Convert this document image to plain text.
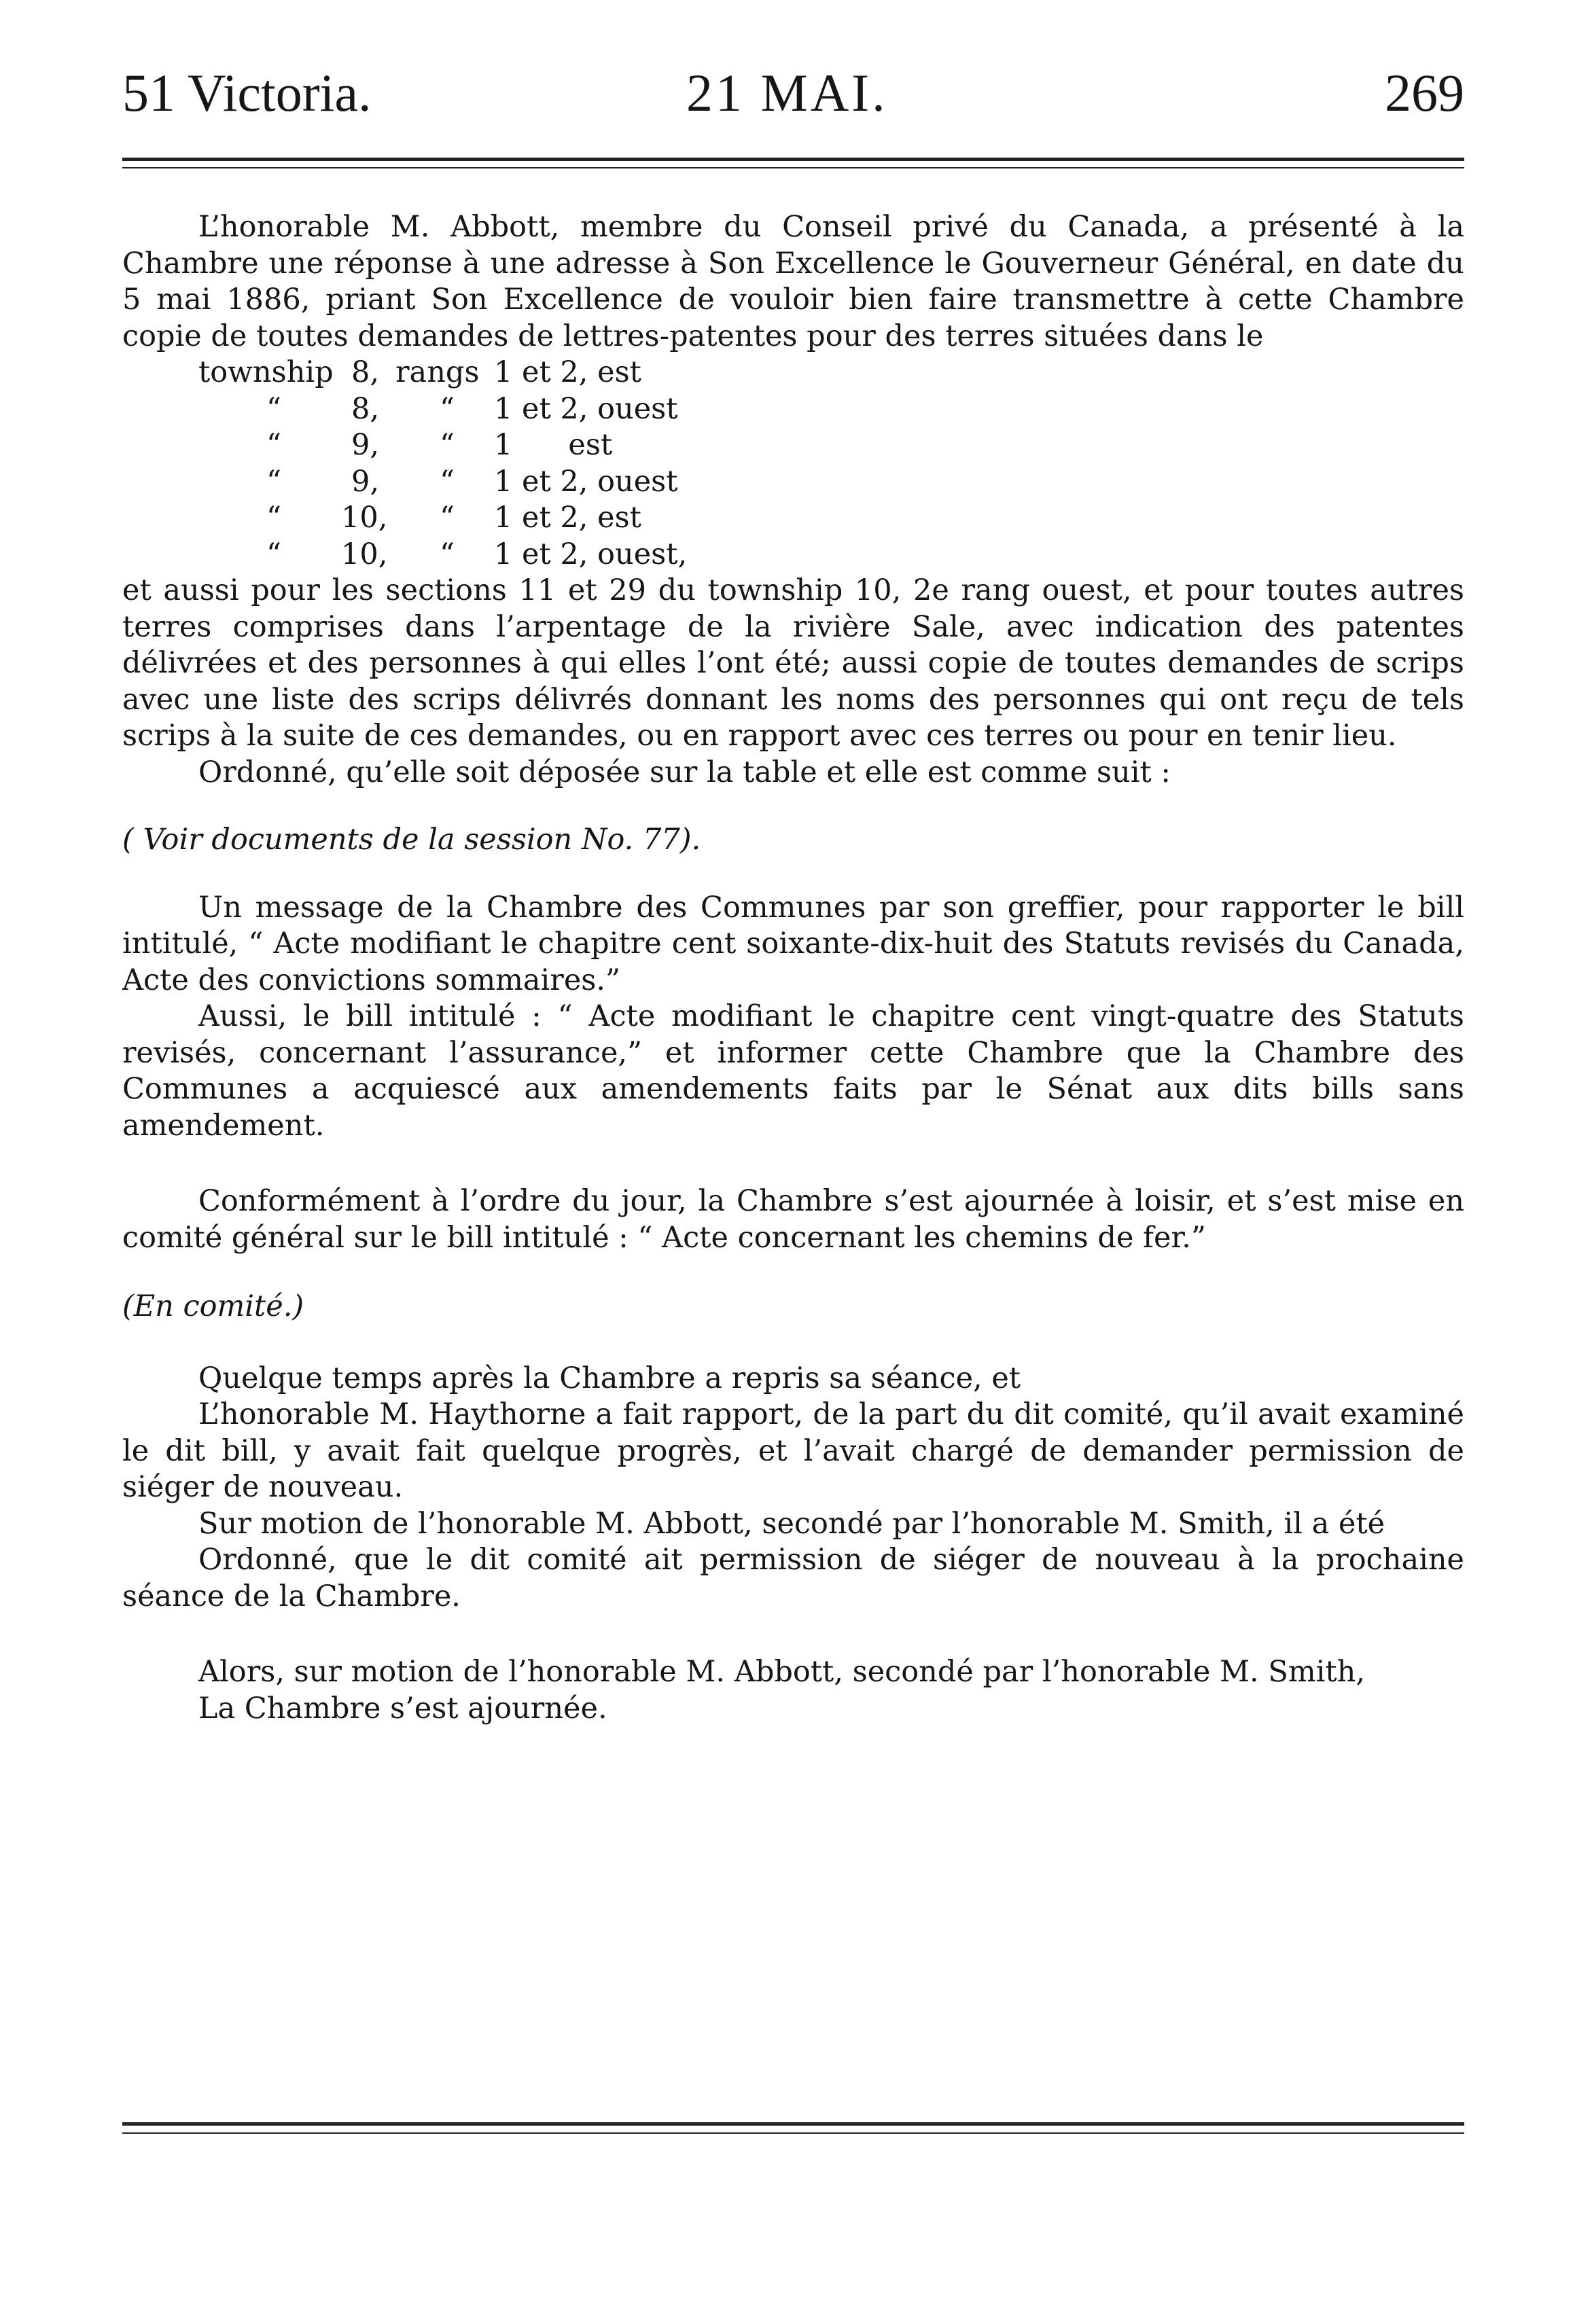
51 Victoria.	21 MAI.	269

L’honorable M. Abbott, membre du Conseil privé du Canada, a présenté à la Chambre une réponse à une adresse à Son Excellence le Gouverneur Général, en date du 5 mai 1886, priant Son Excellence de vouloir bien faire transmettre à cette Chambre copie de toutes demandes de lettres-patentes pour des terres situées dans le

township 8, rangs 1 et 2, est
“ 8, “ 1 et 2, ouest
“ 9, “ 1      est
“ 9, “ 1 et 2, ouest
“ 10, “ 1 et 2, est
“ 10, “ 1 et 2, ouest,

et aussi pour les sections 11 et 29 du township 10, 2e rang ouest, et pour toutes autres terres comprises dans l’arpentage de la rivière Sale, avec indication des patentes délivrées et des personnes à qui elles l’ont été; aussi copie de toutes demandes de scrips avec une liste des scrips délivrés donnant les noms des personnes qui ont reçu de tels scrips à la suite de ces demandes, ou en rapport avec ces terres ou pour en tenir lieu.

Ordonné, qu’elle soit déposée sur la table et elle est comme suit :

( Voir documents de la session No. 77).

Un message de la Chambre des Communes par son greffier, pour rapporter le bill intitulé, “ Acte modifiant le chapitre cent soixante-dix-huit des Statuts revisés du Canada, Acte des convictions sommaires.”

Aussi, le bill intitulé : “ Acte modifiant le chapitre cent vingt-quatre des Statuts revisés, concernant l’assurance,” et informer cette Chambre que la Chambre des Communes a acquiescé aux amendements faits par le Sénat aux dits bills sans amendement.

Conformément à l’ordre du jour, la Chambre s’est ajournée à loisir, et s’est mise en comité général sur le bill intitulé : “ Acte concernant les chemins de fer.”

(En comité.)

Quelque temps après la Chambre a repris sa séance, et

L’honorable M. Haythorne a fait rapport, de la part du dit comité, qu’il avait examiné le dit bill, y avait fait quelque progrès, et l’avait chargé de demander permission de siéger de nouveau.

Sur motion de l’honorable M. Abbott, secondé par l’honorable M. Smith, il a été

Ordonné, que le dit comité ait permission de siéger de nouveau à la prochaine séance de la Chambre.

Alors, sur motion de l’honorable M. Abbott, secondé par l’honorable M. Smith,

La Chambre s’est ajournée.
